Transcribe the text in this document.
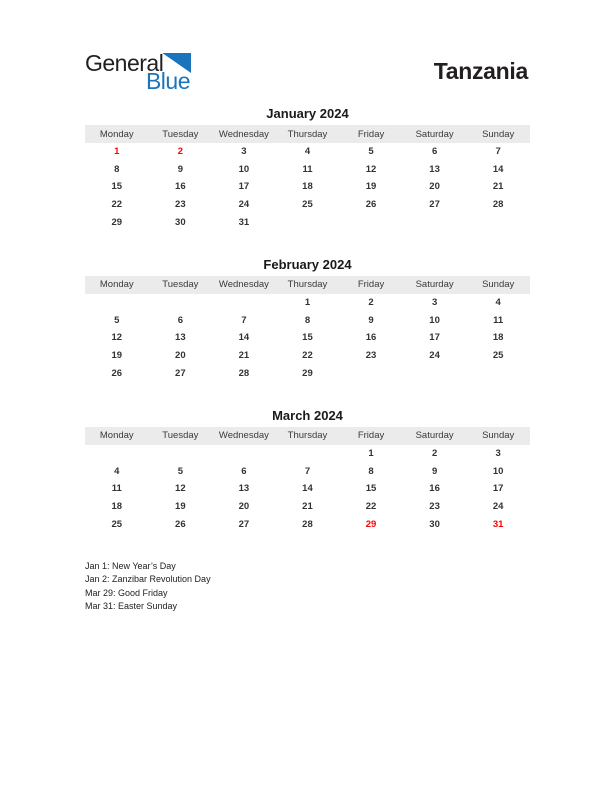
General
Blue	Tanzania
January 2024
Monday	Tuesday	Wednesday	Thursday	Friday	Saturday	Sunday
1	2	3	4	5	6	7
8	9	10	11	12	13	14
15	16	17	18	19	20	21
22	23	24	25	26	27	28
29	30	31				
February 2024
Monday	Tuesday	Wednesday	Thursday	Friday	Saturday	Sunday
			1	2	3	4
5	6	7	8	9	10	11
12	13	14	15	16	17	18
19	20	21	22	23	24	25
26	27	28	29			
March 2024
Monday	Tuesday	Wednesday	Thursday	Friday	Saturday	Sunday
				1	2	3
4	5	6	7	8	9	10
11	12	13	14	15	16	17
18	19	20	21	22	23	24
25	26	27	28	29	30	31
Jan 1: New Year’s Day
Jan 2: Zanzibar Revolution Day
Mar 29: Good Friday
Mar 31: Easter Sunday
